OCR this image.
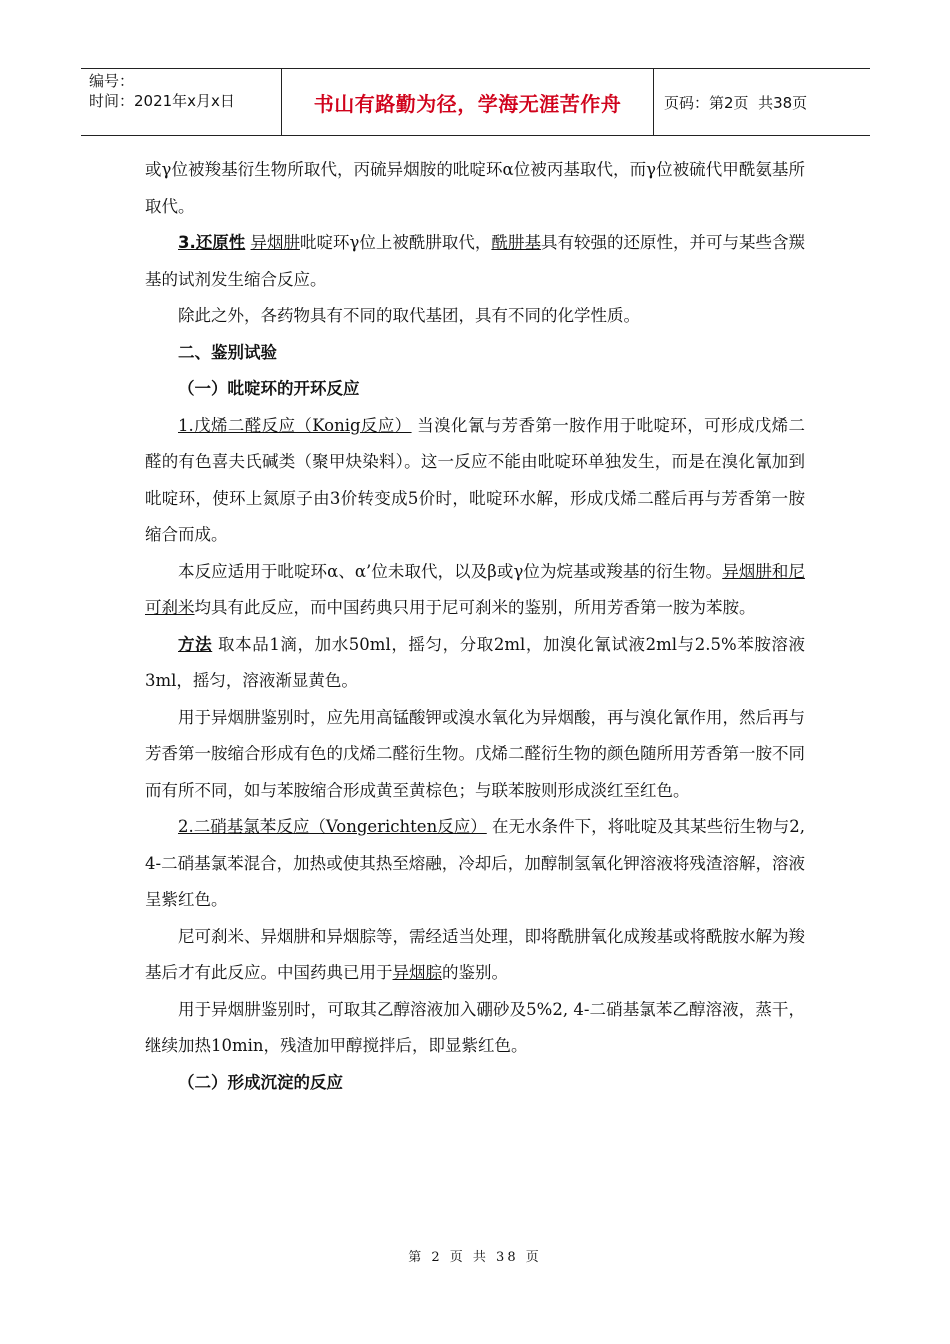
编号：
时间：2021年x月x日	书山有路勤为径，学海无涯苦作舟	页码：第2页  共38页

或γ位被羧基衍生物所取代，丙硫异烟胺的吡啶环α位被丙基取代，而γ位被硫代甲酰氨基所取代。

3.还原性 异烟肼吡啶环γ位上被酰肼取代，酰肼基具有较强的还原性，并可与某些含羰基的试剂发生缩合反应。

除此之外，各药物具有不同的取代基团，具有不同的化学性质。

二、鉴别试验

（一）吡啶环的开环反应

1.戊烯二醛反应（Konig反应） 当溴化氰与芳香第一胺作用于吡啶环，可形成戊烯二醛的有色喜夫氏碱类（聚甲炔染料）。这一反应不能由吡啶环单独发生，而是在溴化氰加到吡啶环，使环上氮原子由3价转变成5价时，吡啶环水解，形成戊烯二醛后再与芳香第一胺缩合而成。

本反应适用于吡啶环α、α’位未取代，以及β或γ位为烷基或羧基的衍生物。异烟肼和尼可刹米均具有此反应，而中国药典只用于尼可刹米的鉴别，所用芳香第一胺为苯胺。

方法 取本品1滴，加水50ml，摇匀，分取2ml，加溴化氰试液2ml与2.5%苯胺溶液3ml，摇匀，溶液渐显黄色。

用于异烟肼鉴别时，应先用高锰酸钾或溴水氧化为异烟酸，再与溴化氰作用，然后再与芳香第一胺缩合形成有色的戊烯二醛衍生物。戊烯二醛衍生物的颜色随所用芳香第一胺不同而有所不同，如与苯胺缩合形成黄至黄棕色；与联苯胺则形成淡红至红色。

2.二硝基氯苯反应（Vongerichten反应） 在无水条件下，将吡啶及其某些衍生物与2, 4-二硝基氯苯混合，加热或使其热至熔融，冷却后，加醇制氢氧化钾溶液将残渣溶解，溶液呈紫红色。

尼可刹米、异烟肼和异烟腙等，需经适当处理，即将酰肼氧化成羧基或将酰胺水解为羧基后才有此反应。中国药典已用于异烟腙的鉴别。

用于异烟肼鉴别时，可取其乙醇溶液加入硼砂及5%2, 4-二硝基氯苯乙醇溶液，蒸干，继续加热10min，残渣加甲醇搅拌后，即显紫红色。

（二）形成沉淀的反应

第 2 页 共 38 页
